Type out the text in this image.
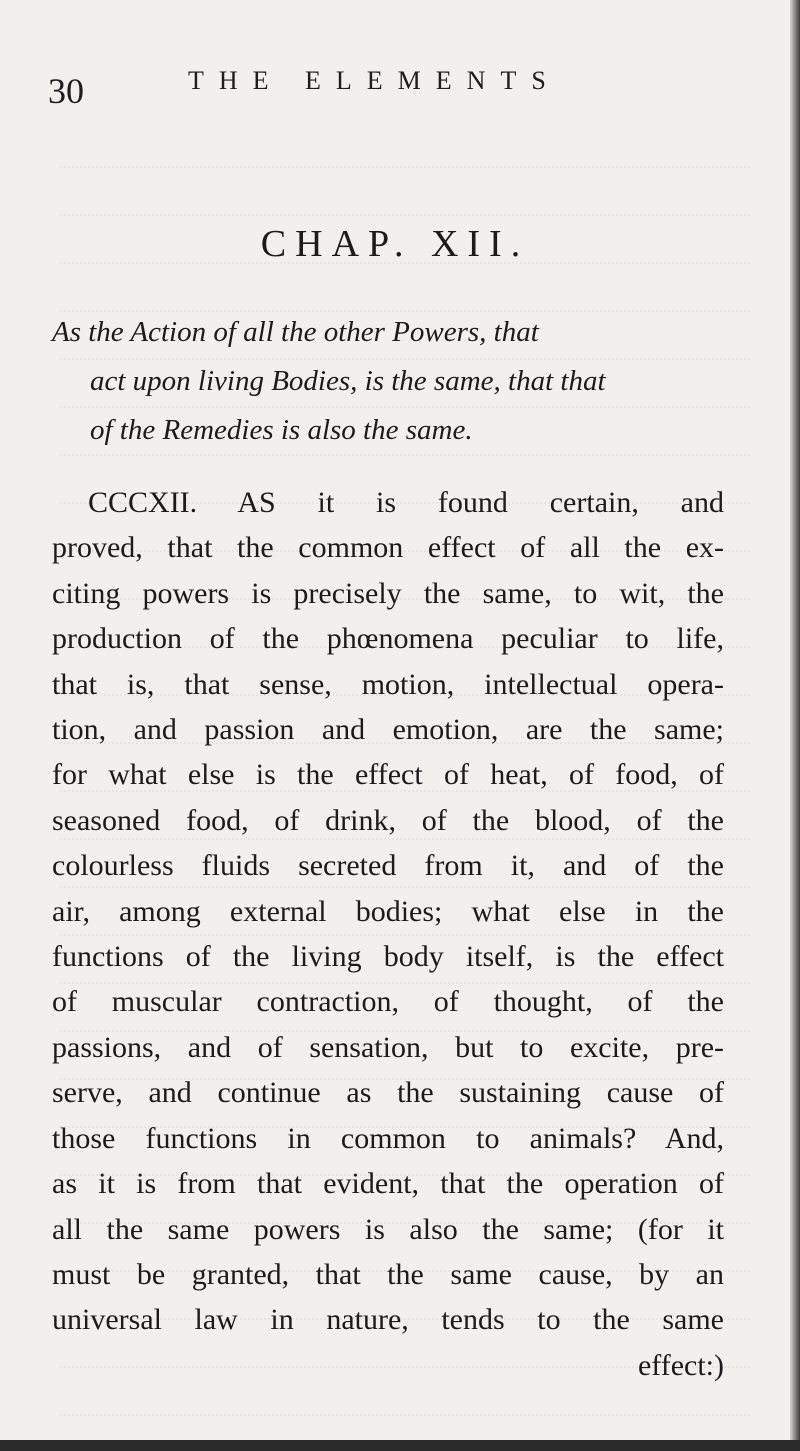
30	THE ELEMENTS
CHAP. XII.
As the Action of all the other Powers, that
act upon living Bodies, is the same, that that
of the Remedies is also the same.
CCCXII. AS it is found certain, and
proved, that the common effect of all the ex-
citing powers is precisely the same, to wit, the
production of the phœnomena peculiar to life,
that is, that sense, motion, intellectual opera-
tion, and passion and emotion, are the same;
for what else is the effect of heat, of food, of
seasoned food, of drink, of the blood, of the
colourless fluids secreted from it, and of the
air, among external bodies; what else in the
functions of the living body itself, is the effect
of muscular contraction, of thought, of the
passions, and of sensation, but to excite, pre-
serve, and continue as the sustaining cause of
those functions in common to animals? And,
as it is from that evident, that the operation of
all the same powers is also the same; (for it
must be granted, that the same cause, by an
universal law in nature, tends to the same
effect:)
